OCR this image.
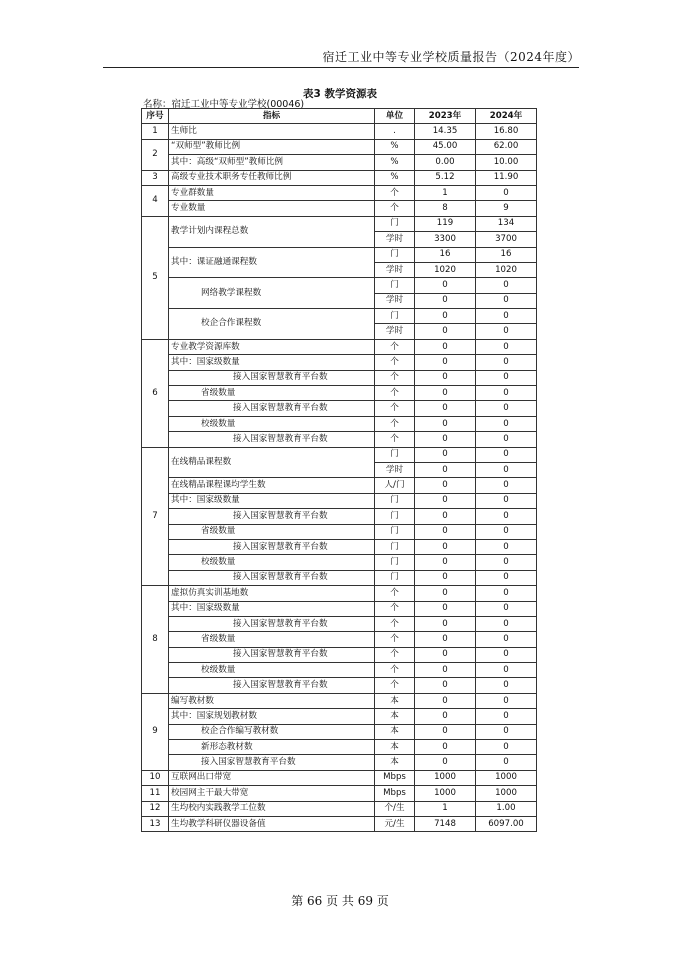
宿迁工业中等专业学校质量报告（2024年度）
表3 教学资源表
名称：宿迁工业中等专业学校(00046)
序号	指标	单位	2023年	2024年
1	生师比	.	14.35	16.80
2	“双师型”教师比例	%	45.00	62.00
	其中：高级“双师型”教师比例	%	0.00	10.00
3	高级专业技术职务专任教师比例	%	5.12	11.90
4	专业群数量	个	1	0
	专业数量	个	8	9
5	教学计划内课程总数	门	119	134
		学时	3300	3700
	其中：课证融通课程数	门	16	16
		学时	1020	1020
	网络教学课程数	门	0	0
		学时	0	0
	校企合作课程数	门	0	0
		学时	0	0
6	专业教学资源库数	个	0	0
	其中：国家级数量	个	0	0
	接入国家智慧教育平台数	个	0	0
	省级数量	个	0	0
	接入国家智慧教育平台数	个	0	0
	校级数量	个	0	0
	接入国家智慧教育平台数	个	0	0
7	在线精品课程数	门	0	0
		学时	0	0
	在线精品课程课均学生数	人/门	0	0
	其中：国家级数量	门	0	0
	接入国家智慧教育平台数	门	0	0
	省级数量	门	0	0
	接入国家智慧教育平台数	门	0	0
	校级数量	门	0	0
	接入国家智慧教育平台数	门	0	0
8	虚拟仿真实训基地数	个	0	0
	其中：国家级数量	个	0	0
	接入国家智慧教育平台数	个	0	0
	省级数量	个	0	0
	接入国家智慧教育平台数	个	0	0
	校级数量	个	0	0
	接入国家智慧教育平台数	个	0	0
9	编写教材数	本	0	0
	其中：国家规划教材数	本	0	0
	校企合作编写教材数	本	0	0
	新形态教材数	本	0	0
	接入国家智慧教育平台数	本	0	0
10	互联网出口带宽	Mbps	1000	1000
11	校园网主干最大带宽	Mbps	1000	1000
12	生均校内实践教学工位数	个/生	1	1.00
13	生均教学科研仪器设备值	元/生	7148	6097.00
第 66 页 共 69 页
